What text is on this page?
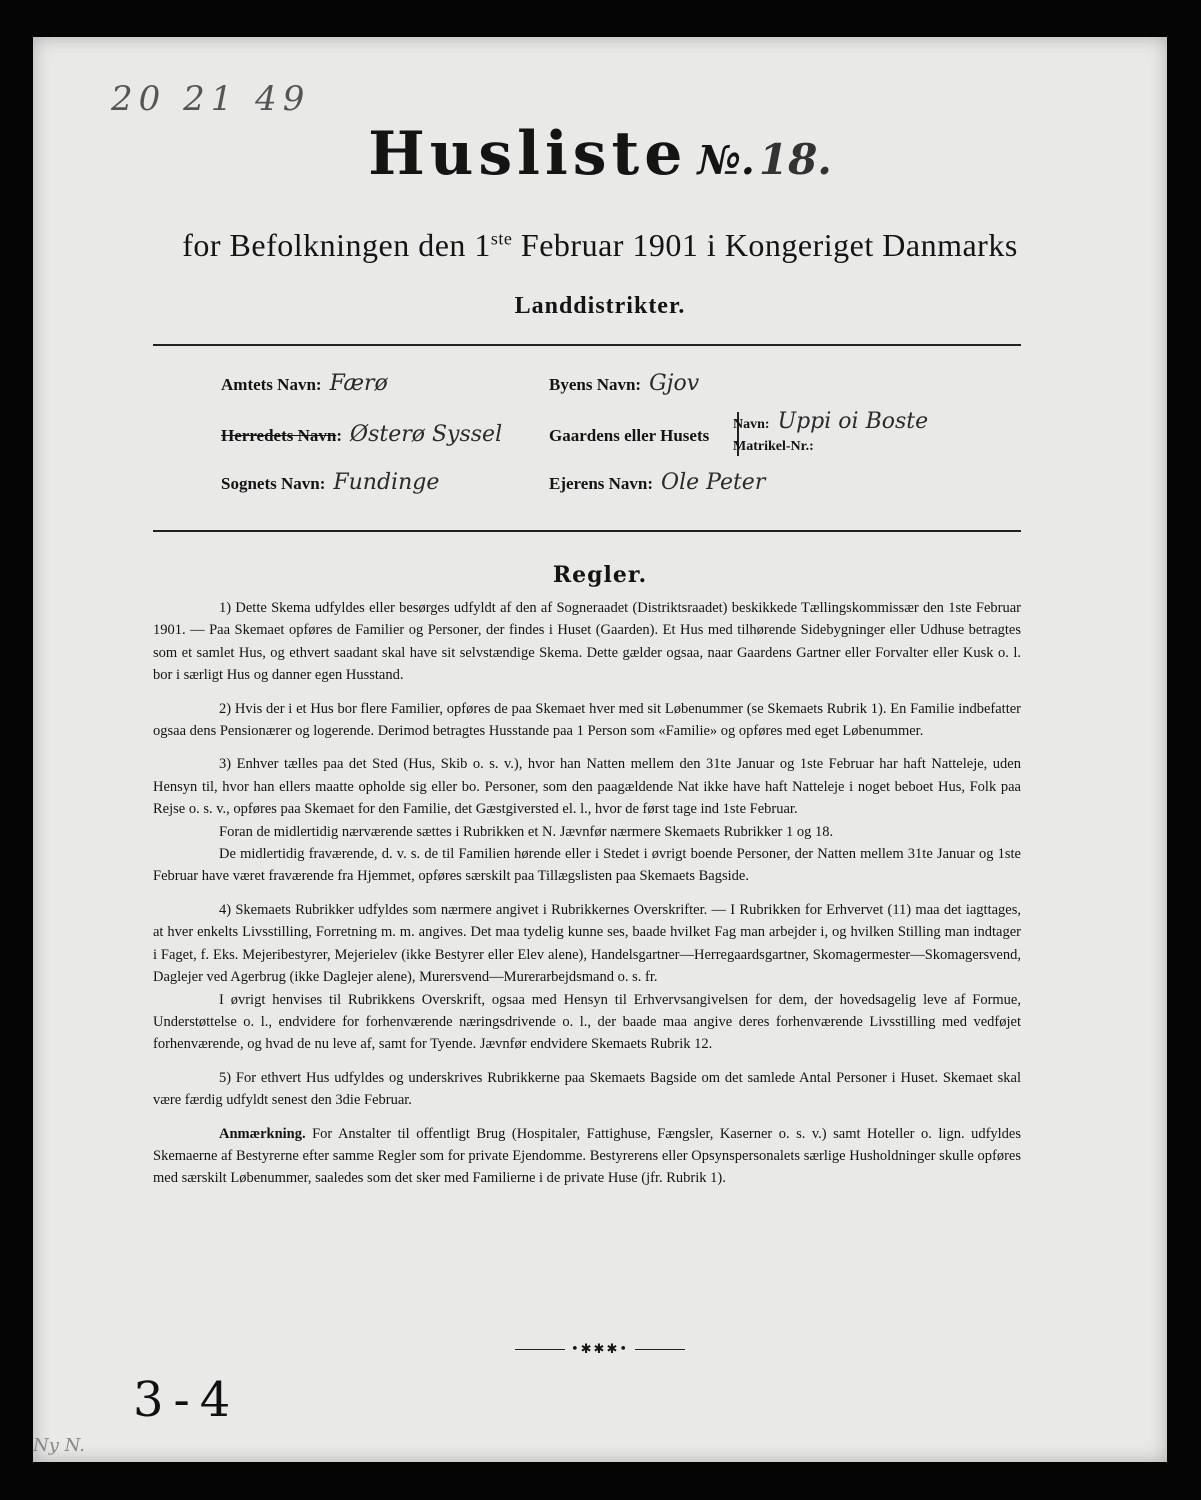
20 21 49
Husliste №.18.
for Befolkningen den 1ste Februar 1901 i Kongeriget Danmarks
Landdistrikter.
Amtets Navn: Færø
Herredets Navn: Østerø Syssel
Sognets Navn: Fundinge
Byens Navn: Gjov
Gaardens eller Husets
Navn: Uppi oi Boste
Matrikel-Nr.:
Ejerens Navn: Ole Peter
Regler.

1) Dette Skema udfyldes eller besørges udfyldt af den af Sogneraadet (Distriktsraadet) beskikkede Tællingskommissær den 1ste Februar 1901. — Paa Skemaet opføres de Familier og Personer, der findes i Huset (Gaarden). Et Hus med tilhørende Sidebygninger eller Udhuse betragtes som et samlet Hus, og ethvert saadant skal have sit selvstændige Skema. Dette gælder ogsaa, naar Gaardens Gartner eller Forvalter eller Kusk o. l. bor i særligt Hus og danner egen Husstand.

2) Hvis der i et Hus bor flere Familier, opføres de paa Skemaet hver med sit Løbenummer (se Skemaets Rubrik 1). En Familie indbefatter ogsaa dens Pensionærer og logerende. Derimod betragtes Husstande paa 1 Person som «Familie» og opføres med eget Løbenummer.

3) Enhver tælles paa det Sted (Hus, Skib o. s. v.), hvor han Natten mellem den 31te Januar og 1ste Februar har haft Natteleje, uden Hensyn til, hvor han ellers maatte opholde sig eller bo. Personer, som den paagældende Nat ikke have haft Natteleje i noget beboet Hus, Folk paa Rejse o. s. v., opføres paa Skemaet for den Familie, det Gæstgiversted el. l., hvor de først tage ind 1ste Februar.

Foran de midlertidig nærværende sættes i Rubrikken et N. Jævnfør nærmere Skemaets Rubrikker 1 og 18.

De midlertidig fraværende, d. v. s. de til Familien hørende eller i Stedet i øvrigt boende Personer, der Natten mellem 31te Januar og 1ste Februar have været fraværende fra Hjemmet, opføres særskilt paa Tillægslisten paa Skemaets Bagside.

4) Skemaets Rubrikker udfyldes som nærmere angivet i Rubrikkernes Overskrifter. — I Rubrikken for Erhvervet (11) maa det iagttages, at hver enkelts Livsstilling, Forretning m. m. angives. Det maa tydelig kunne ses, baade hvilket Fag man arbejder i, og hvilken Stilling man indtager i Faget, f. Eks. Mejeribestyrer, Mejerielev (ikke Bestyrer eller Elev alene), Handelsgartner—Herregaardsgartner, Skomagermester—Skomagersvend, Daglejer ved Agerbrug (ikke Daglejer alene), Murersvend—Murerarbejdsmand o. s. fr.

I øvrigt henvises til Rubrikkens Overskrift, ogsaa med Hensyn til Erhvervsangivelsen for dem, der hovedsagelig leve af Formue, Understøttelse o. l., endvidere for forhenværende næringsdrivende o. l., der baade maa angive deres forhenværende Livsstilling med vedføjet forhenværende, og hvad de nu leve af, samt for Tyende. Jævnfør endvidere Skemaets Rubrik 12.

5) For ethvert Hus udfyldes og underskrives Rubrikkerne paa Skemaets Bagside om det samlede Antal Personer i Huset. Skemaet skal være færdig udfyldt senest den 3die Februar.

Anmærkning. For Anstalter til offentligt Brug (Hospitaler, Fattighuse, Fængsler, Kaserner o. s. v.) samt Hoteller o. lign. udfyldes Skemaerne af Bestyrerne efter samme Regler som for private Ejendomme. Bestyrerens eller Opsynspersonalets særlige Husholdninger skulle opføres med særskilt Løbenummer, saaledes som det sker med Familierne i de private Huse (jfr. Rubrik 1).

•✱✱✱•
3-4
Ny N.
